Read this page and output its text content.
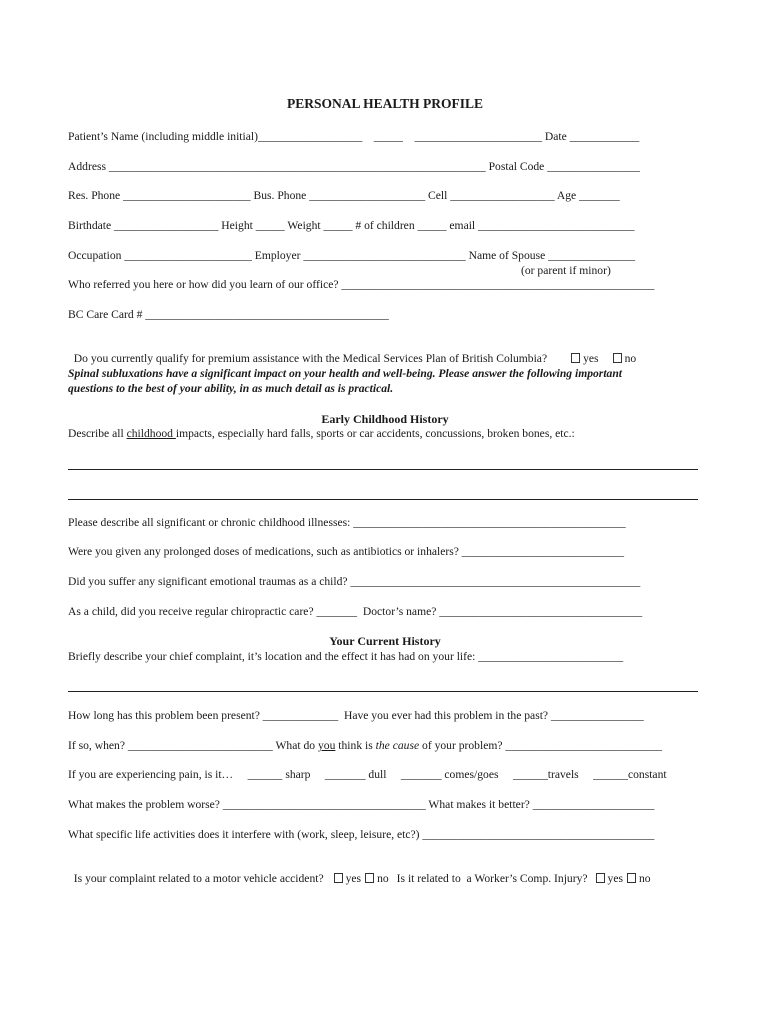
PERSONAL HEALTH PROFILE
Patient’s Name (including middle initial)__________________    _____    ______________________ Date ____________
Address _________________________________________________________________ Postal Code ________________
Res. Phone ______________________ Bus. Phone ____________________ Cell __________________ Age _______
Birthdate __________________ Height _____ Weight _____ # of children _____ email ___________________________
Occupation ______________________ Employer ____________________________ Name of Spouse _______________
(or parent if minor)
Who referred you here or how did you learn of our office? ______________________________________________________
BC Care Card # __________________________________________

Do you currently qualify for premium assistance with the Medical Services Plan of British Columbia?	yes no

Spinal subluxations have a significant impact on your health and well-being. Please answer the following important
questions to the best of your ability, in as much detail as is practical.
Early Childhood History
Describe all childhood impacts, especially hard falls, sports or car accidents, concussions, broken bones, etc.:
Please describe all significant or chronic childhood illnesses: _______________________________________________
Were you given any prolonged doses of medications, such as antibiotics or inhalers? ____________________________
Did you suffer any significant emotional traumas as a child? __________________________________________________
As a child, did you receive regular chiropractic care? _______  Doctor’s name? ___________________________________
Your Current History
Briefly describe your chief complaint, it’s location and the effect it has had on your life: _________________________
How long has this problem been present? _____________  Have you ever had this problem in the past? ________________
If so, when? _________________________ What do you think is the cause of your problem? ___________________________
If you are experiencing pain, is it…     ______ sharp     _______ dull     _______ comes/goes     ______travels     ______constant
What makes the problem worse? ___________________________________ What makes it better? _____________________
What specific life activities does it interfere with (work, sleep, leisure, etc?) ________________________________________

Is your complaint related to a motor vehicle accident? yes no Is it related to  a Worker’s Comp. Injury? yes no
